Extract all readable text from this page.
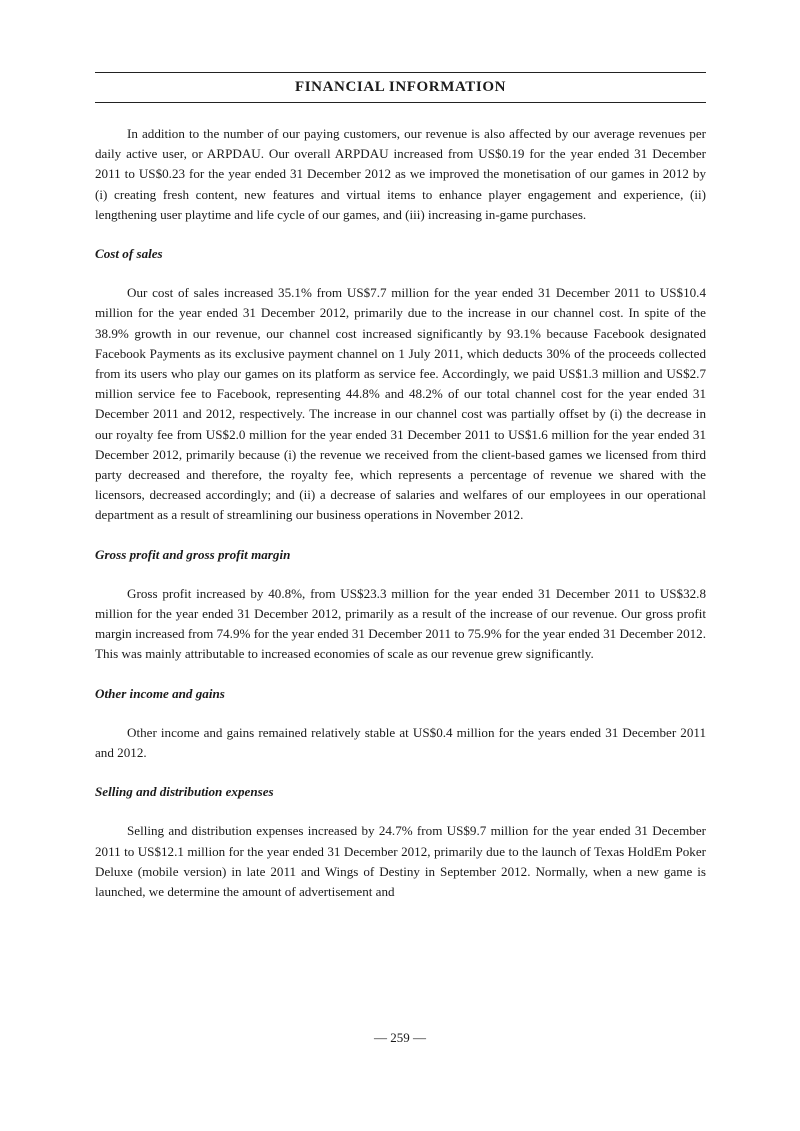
FINANCIAL INFORMATION

In addition to the number of our paying customers, our revenue is also affected by our average revenues per daily active user, or ARPDAU. Our overall ARPDAU increased from US$0.19 for the year ended 31 December 2011 to US$0.23 for the year ended 31 December 2012 as we improved the monetisation of our games in 2012 by (i) creating fresh content, new features and virtual items to enhance player engagement and experience, (ii) lengthening user playtime and life cycle of our games, and (iii) increasing in-game purchases.

Cost of sales

Our cost of sales increased 35.1% from US$7.7 million for the year ended 31 December 2011 to US$10.4 million for the year ended 31 December 2012, primarily due to the increase in our channel cost. In spite of the 38.9% growth in our revenue, our channel cost increased significantly by 93.1% because Facebook designated Facebook Payments as its exclusive payment channel on 1 July 2011, which deducts 30% of the proceeds collected from its users who play our games on its platform as service fee. Accordingly, we paid US$1.3 million and US$2.7 million service fee to Facebook, representing 44.8% and 48.2% of our total channel cost for the year ended 31 December 2011 and 2012, respectively. The increase in our channel cost was partially offset by (i) the decrease in our royalty fee from US$2.0 million for the year ended 31 December 2011 to US$1.6 million for the year ended 31 December 2012, primarily because (i) the revenue we received from the client-based games we licensed from third party decreased and therefore, the royalty fee, which represents a percentage of revenue we shared with the licensors, decreased accordingly; and (ii) a decrease of salaries and welfares of our employees in our operational department as a result of streamlining our business operations in November 2012.

Gross profit and gross profit margin

Gross profit increased by 40.8%, from US$23.3 million for the year ended 31 December 2011 to US$32.8 million for the year ended 31 December 2012, primarily as a result of the increase of our revenue. Our gross profit margin increased from 74.9% for the year ended 31 December 2011 to 75.9% for the year ended 31 December 2012. This was mainly attributable to increased economies of scale as our revenue grew significantly.

Other income and gains

Other income and gains remained relatively stable at US$0.4 million for the years ended 31 December 2011 and 2012.

Selling and distribution expenses

Selling and distribution expenses increased by 24.7% from US$9.7 million for the year ended 31 December 2011 to US$12.1 million for the year ended 31 December 2012, primarily due to the launch of Texas HoldEm Poker Deluxe (mobile version) in late 2011 and Wings of Destiny in September 2012. Normally, when a new game is launched, we determine the amount of advertisement and

— 259 —
